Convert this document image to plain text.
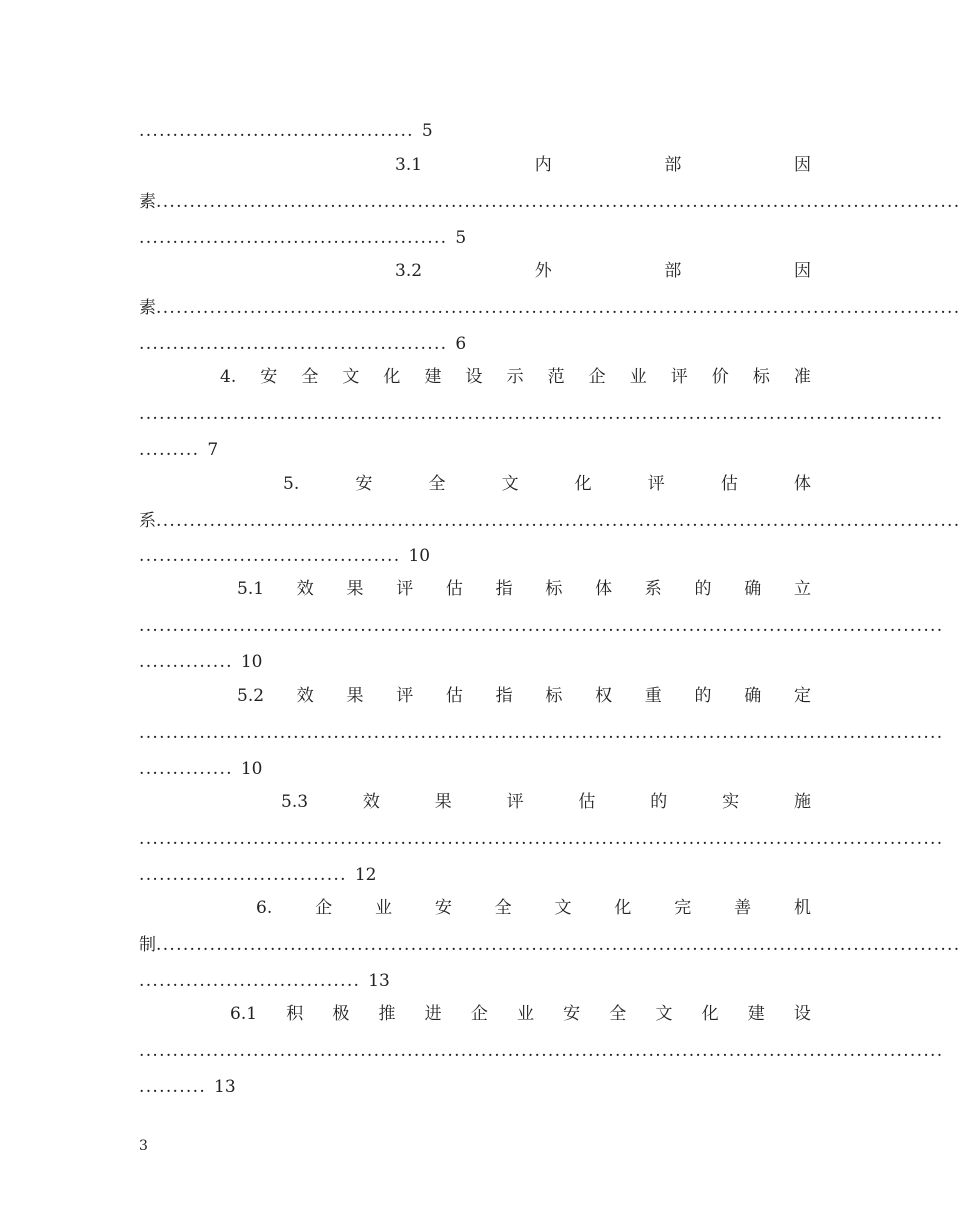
......................................... 5
3.1	内	部	因
素........................................................................................................................
.............................................. 5
3.2	外	部	因
素........................................................................................................................
.............................................. 6
4. 安 全 文 化 建 设 示 范 企 业 评 价 标 准
........................................................................................................................
......... 7
5.	安	全	文	化	评	估	体
系........................................................................................................................
....................................... 10
5.1 效 果 评 估 指 标 体 系 的 确 立
........................................................................................................................
.............. 10
5.2 效 果 评 估 指 标 权 重 的 确 定
........................................................................................................................
.............. 10
5.3	效	果	评	估	的	实	施
........................................................................................................................
............................... 12
6.	企	业	安	全	文	化	完	善	机
制........................................................................................................................
................................. 13
6.1 积 极 推 进 企 业 安 全 文 化 建 设
........................................................................................................................
.......... 13
3
